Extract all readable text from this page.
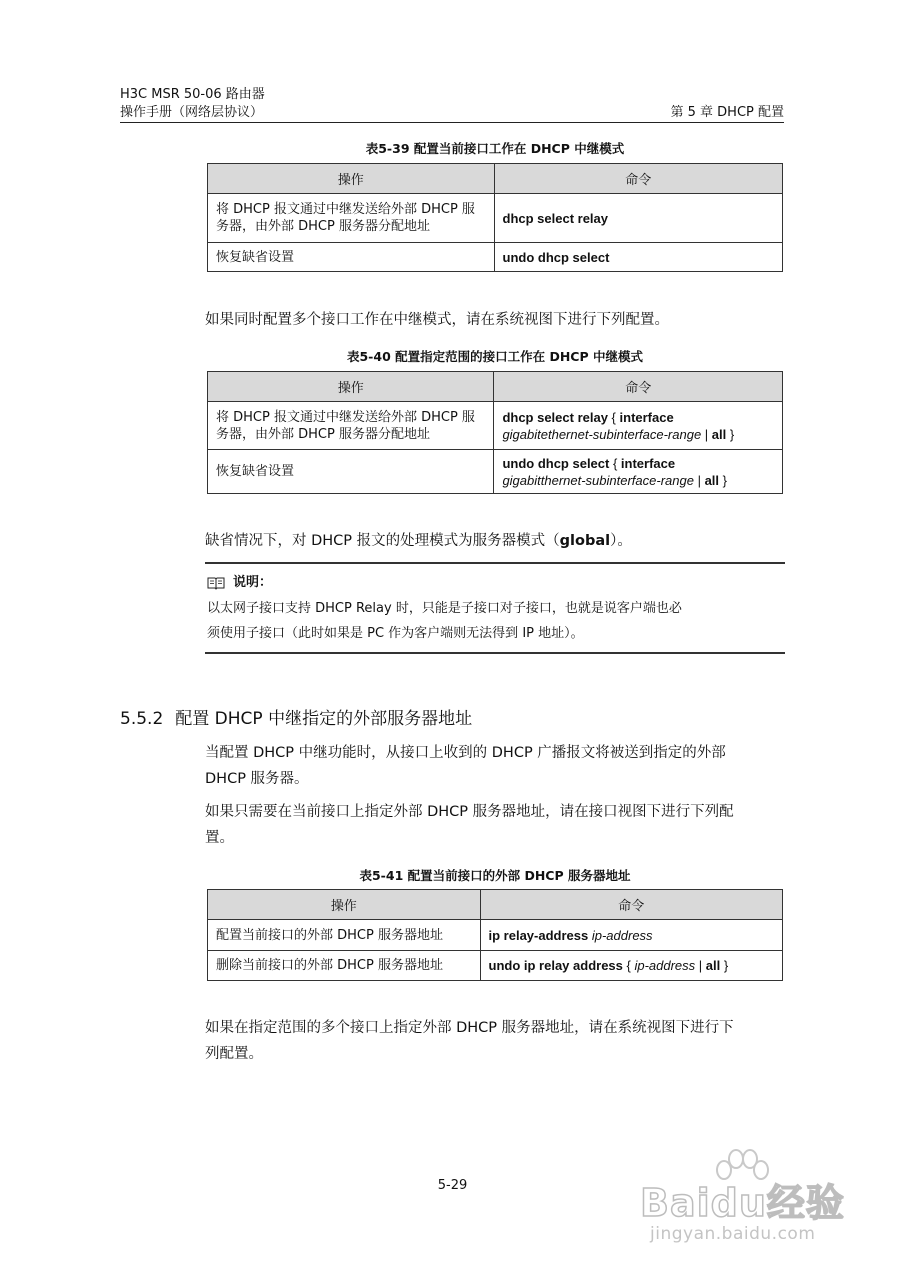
H3C MSR 50-06 路由器
操作手册（网络层协议）	第 5 章 DHCP 配置
表5-39 配置当前接口工作在 DHCP 中继模式
操作	命令
将 DHCP 报文通过中继发送给外部 DHCP 服务器，由外部 DHCP 服务器分配地址	dhcp select relay
恢复缺省设置	undo dhcp select
如果同时配置多个接口工作在中继模式，请在系统视图下进行下列配置。
表5-40 配置指定范围的接口工作在 DHCP 中继模式
操作	命令
将 DHCP 报文通过中继发送给外部 DHCP 服务器，由外部 DHCP 服务器分配地址	dhcp select relay { interface
gigabitethernet-subinterface-range | all }
恢复缺省设置	undo dhcp select { interface
gigabitthernet-subinterface-range | all }
缺省情况下，对 DHCP 报文的处理模式为服务器模式（global）。
说明：
以太网子接口支持 DHCP Relay 时，只能是子接口对子接口，也就是说客户端也必
须使用子接口（此时如果是 PC 作为客户端则无法得到 IP 地址）。
5.5.2 配置 DHCP 中继指定的外部服务器地址
当配置 DHCP 中继功能时，从接口上收到的 DHCP 广播报文将被送到指定的外部
DHCP 服务器。
如果只需要在当前接口上指定外部 DHCP 服务器地址，请在接口视图下进行下列配
置。
表5-41 配置当前接口的外部 DHCP 服务器地址
操作	命令
配置当前接口的外部 DHCP 服务器地址	ip relay-address ip-address
删除当前接口的外部 DHCP 服务器地址	undo ip relay address { ip-address | all }
如果在指定范围的多个接口上指定外部 DHCP 服务器地址，请在系统视图下进行下
列配置。
5-29	Baidu经验
jingyan.baidu.com
